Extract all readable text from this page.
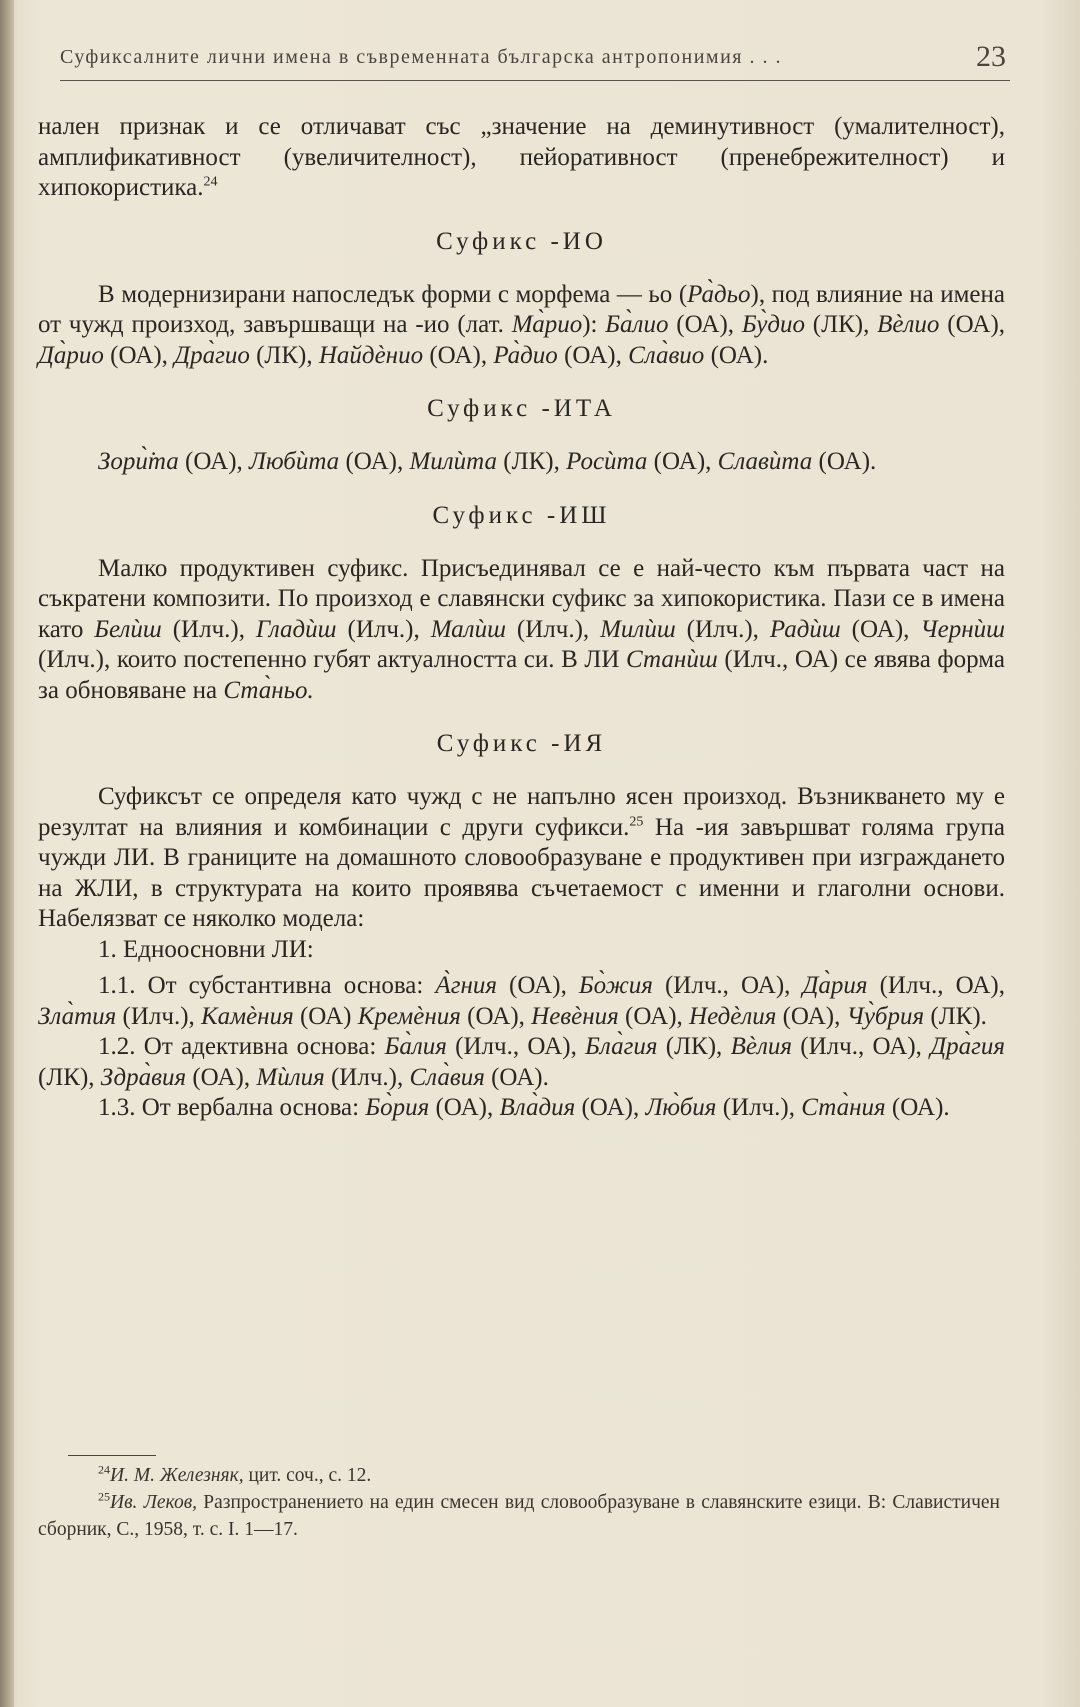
Суфиксалните лични имена в съвременната българска антропонимия . . .	23

нален признак и се отличават със „значение на деминутивност (умалителност), амплификативност (увеличителност), пейоративност (пренебрежителност) и хипокористика.$^{24}$

Суфикс -ИО

В модернизирани напоследък форми с морфема — ьо (Ра̀дьо), под влияние на имена от чужд произход, завършващи на -ио (лат. Ма̀рио): Ба̀лио (ОА), Бу̀дио (ЛК), Вѐлио (ОА), Да̀рио (ОА), Дра̀гио (ЛК), Найдѐнио (ОА), Ра̀дио (ОА), Сла̀вио (ОА).

Суфикс -ИТА

Зори̇̀та (ОА), Любѝта (ОА), Милѝта (ЛК), Росѝта (ОА), Славѝта (ОА).

Суфикс -ИШ

Малко продуктивен суфикс. Присъединявал се е най-често към първата част на съкратени композити. По произход е славянски суфикс за хипокористика. Пази се в имена като Белѝш (Илч.), Гладѝш (Илч.), Малѝш (Илч.), Милѝш (Илч.), Радѝш (ОА), Чернѝш (Илч.), които постепенно губят актуалността си. В ЛИ Станѝш (Илч., ОА) се явява форма за обновяване на Ста̀ньо.

Суфикс -ИЯ

Суфиксът се определя като чужд с не напълно ясен произход. Възникването му е резултат на влияния и комбинации с други суфикси.$^{25}$ На -ия завършват голяма група чужди ЛИ. В границите на домашното словообразуване е продуктивен при изграждането на ЖЛИ, в структурата на които проявява съчетаемост с именни и глаголни основи. Набелязват се няколко модела:

1. Едноосновни ЛИ:

1.1. От субстантивна основа: А̀гния (ОА), Бо̀жия (Илч., ОА), Да̀рия (Илч., ОА), Зла̀тия (Илч.), Камѐния (ОА) Кремѐния (ОА), Невѐния (ОА), Недѐлия (ОА), Чу̀брия (ЛК).

1.2. От адективна основа: Ба̀лия (Илч., ОА), Бла̀гия (ЛК), Вѐлия (Илч., ОА), Дра̀гия (ЛК), Здра̀вия (ОА), Мѝлия (Илч.), Сла̀вия (ОА).

1.3. От вербална основа: Бо̀рия (ОА), Вла̀дия (ОА), Лю̀бия (Илч.), Ста̀ния (ОА).

$^{24}$И. М. Железняк, цит. соч., с. 12.

$^{25}$Ив. Леков, Разпространението на един смесен вид словообразуване в славянските езици. В: Славистичен сборник, С., 1958, т. с. I. 1—17.
